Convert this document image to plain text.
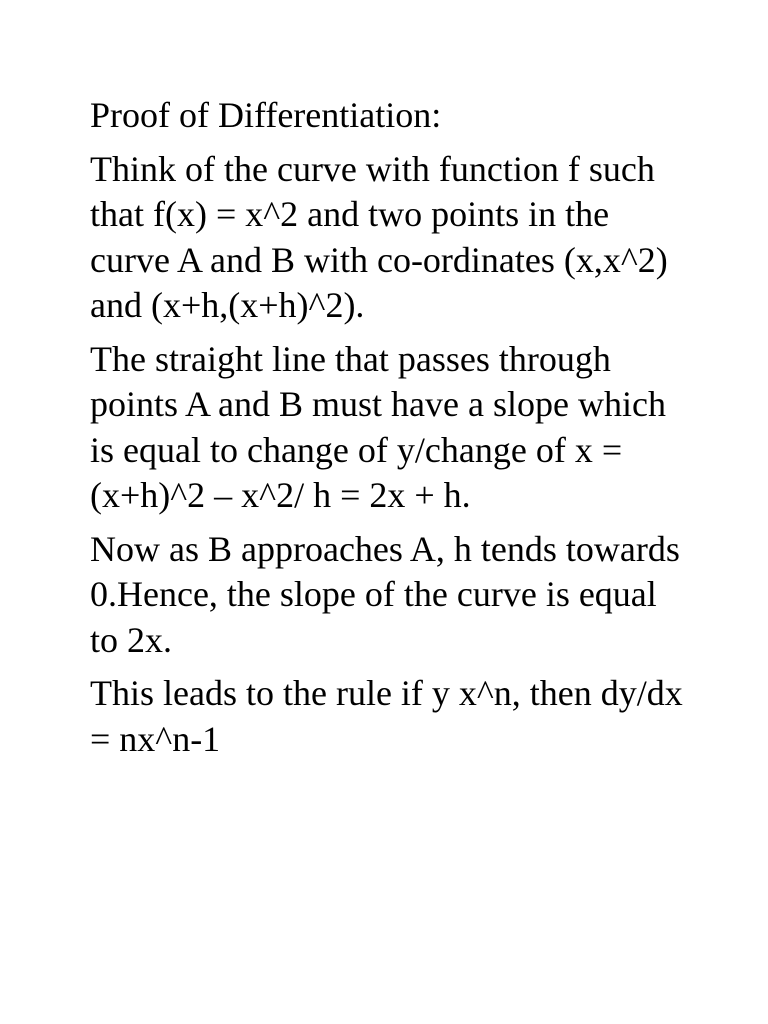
Proof of Differentiation:

Think of the curve with function f such that f(x) = x^2 and two points in the curve A and B with co-ordinates (x,x^2) and (x+h,(x+h)^2).

The straight line that passes through points A and B must have a slope which is equal to change of y/change of x = (x+h)^2 – x^2/ h = 2x + h.

Now as B approaches A, h tends towards 0.Hence, the slope of the curve is equal to 2x.

This leads to the rule if y x^n, then dy/dx = nx^n-1
